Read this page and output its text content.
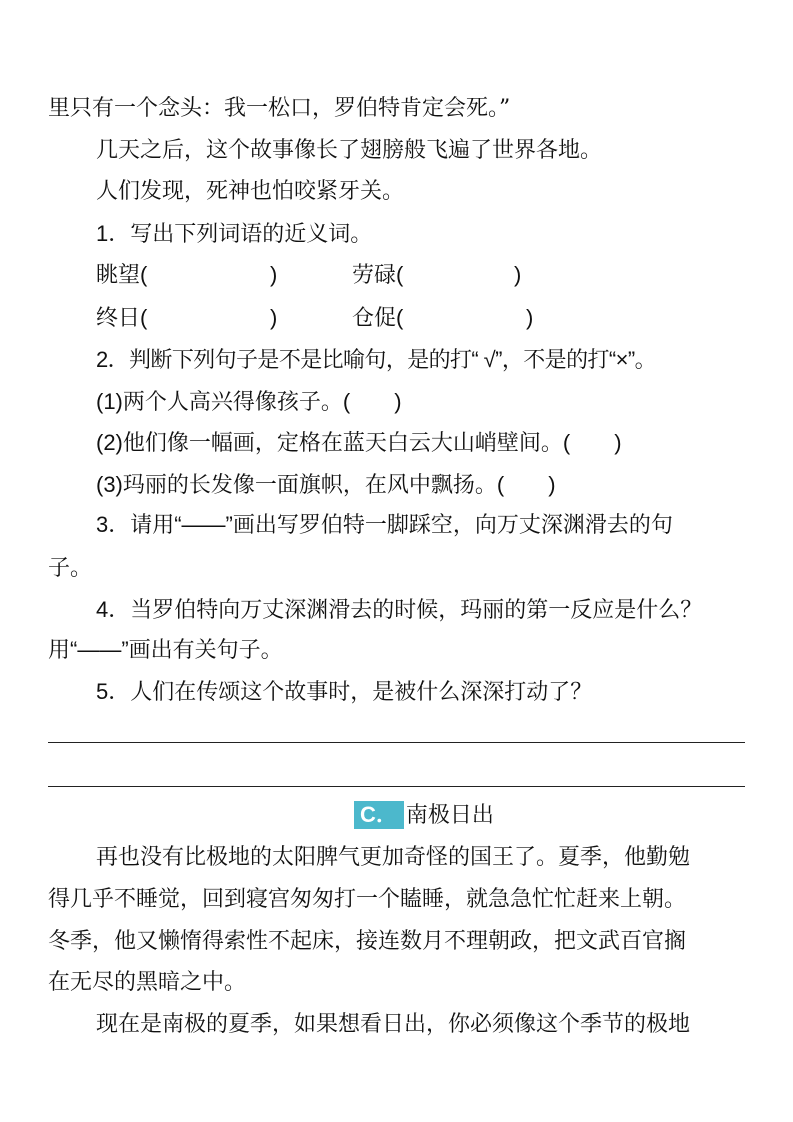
里只有一个念头：我一松口，罗伯特肯定会死。”
几天之后，这个故事像长了翅膀般飞遍了世界各地。
人们发现，死神也怕咬紧牙关。
1．写出下列词语的近义词。
眺望(	)	劳碌(	)
终日(	)	仓促(	)
2．判断下列句子是不是比喻句，是的打“ √”，不是的打“×”。
(1)两个人高兴得像孩子。(　　)
(2)他们像一幅画，定格在蓝天白云大山峭壁间。(　　)
(3)玛丽的长发像一面旗帜，在风中飘扬。(　　)
3．请用“——”画出写罗伯特一脚踩空，向万丈深渊滑去的句
子。
4．当罗伯特向万丈深渊滑去的时候，玛丽的第一反应是什么？
用“——”画出有关句子。
5．人们在传颂这个故事时，是被什么深深打动了？
C． 南极日出
再也没有比极地的太阳脾气更加奇怪的国王了。夏季，他勤勉
得几乎不睡觉，回到寝宫匆匆打一个瞌睡，就急急忙忙赶来上朝。
冬季，他又懒惰得索性不起床，接连数月不理朝政，把文武百官搁
在无尽的黑暗之中。
现在是南极的夏季，如果想看日出，你必须像这个季节的极地
